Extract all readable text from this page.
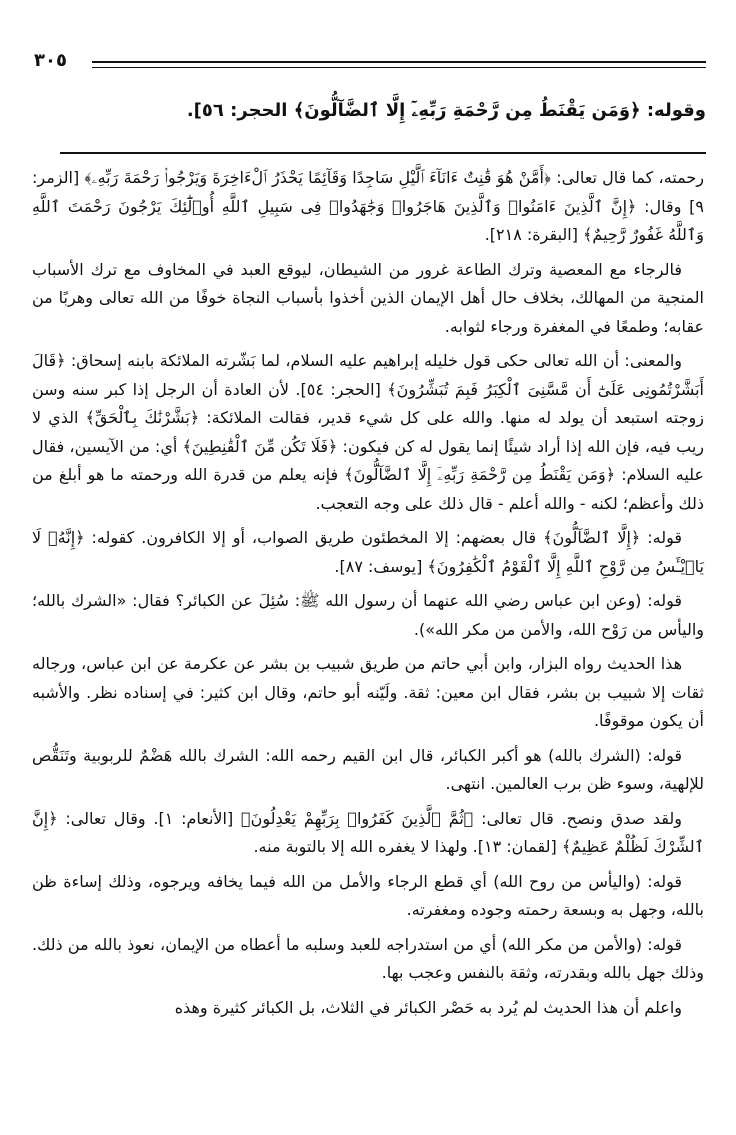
٣٠٥
وقوله: ﴿وَمَن يَقْنَطُ مِن رَّحْمَةِ رَبِّهِۦٓ إِلَّا ٱلضَّآلُّونَ﴾ الحجر: ٥٦].

رحمته، كما قال تعالى: ﴿أَمَّنْ هُوَ قَٰنِتٌ ءَانَآءَ ٱلَّيْلِ سَاجِدًا وَقَآئِمًا يَحْذَرُ ٱلْءَاخِرَةَ وَيَرْجُوا۟ رَحْمَةَ رَبِّهِۦ﴾ [الزمر: ٩] وقال: ﴿إِنَّ ٱلَّذِينَ ءَامَنُوا۟ وَٱلَّذِينَ هَاجَرُوا۟ وَجَٰهَدُوا۟ فِى سَبِيلِ ٱللَّهِ أُو۟لَٰٓئِكَ يَرْجُونَ رَحْمَتَ ٱللَّهِ وَٱللَّهُ غَفُورٌ رَّحِيمٌ﴾ [البقرة: ٢١٨].

فالرجاء مع المعصية وترك الطاعة غرور من الشيطان، ليوقع العبد في المخاوف مع ترك الأسباب المنجية من المهالك، بخلاف حال أهل الإيمان الذين أخذوا بأسباب النجاة خوفًا من الله تعالى وهربًا من عقابه؛ وطمعًا في المغفرة ورجاء لثوابه.

والمعنى: أن الله تعالى حكى قول خليله إبراهيم عليه السلام، لما بَشّرته الملائكة بابنه إسحاق: ﴿قَالَ أَبَشَّرْتُمُونِى عَلَىٰٓ أَن مَّسَّنِىَ ٱلْكِبَرُ فَبِمَ تُبَشِّرُونَ﴾ [الحجر: ٥٤]. لأن العادة أن الرجل إذا كبر سنه وسن زوجته استبعد أن يولد له منها. والله على كل شيء قدير، فقالت الملائكة: ﴿بَشَّرْنَٰكَ بِٱلْحَقِّ﴾ الذي لا ريب فيه، فإن الله إذا أراد شيئًا إنما يقول له كن فيكون: ﴿فَلَا تَكُن مِّنَ ٱلْقَٰنِطِينَ﴾ أي: من الآيسين، فقال عليه السلام: ﴿وَمَن يَقْنَطُ مِن رَّحْمَةِ رَبِّهِۦٓ إِلَّا ٱلضَّآلُّونَ﴾ فإنه يعلم من قدرة الله ورحمته ما هو أبلغ من ذلك وأعظم؛ لكنه - والله أعلم - قال ذلك على وجه التعجب.

قوله: ﴿إِلَّا ٱلضَّآلُّونَ﴾ قال بعضهم: إلا المخطئون طريق الصواب، أو إلا الكافرون. كقوله: ﴿إِنَّهُۥ لَا يَا۟يْـَٔسُ مِن رَّوْحِ ٱللَّهِ إِلَّا ٱلْقَوْمُ ٱلْكَٰفِرُونَ﴾ [يوسف: ٨٧].

قوله: (وعن ابن عباس رضي الله عنهما أن رسول الله ﷺ: سُئِلَ عن الكبائر؟ فقال: «الشرك بالله؛ واليأس من رَوْح الله، والأمن من مكر الله»).

هذا الحديث رواه البزار، وابن أبي حاتم من طريق شبيب بن بشر عن عكرمة عن ابن عباس، ورجاله ثقات إلا شبيب بن بشر، فقال ابن معين: ثقة. ولَيّنه أبو حاتم، وقال ابن كثير: في إسناده نظر. والأشبه أن يكون موقوفًا.

قوله: (الشرك بالله) هو أكبر الكبائر، قال ابن القيم رحمه الله: الشرك بالله هَضْمٌ للربوبية وتَنَقُّص للإلهية، وسوء ظن برب العالمين. انتهى.

ولقد صدق ونصح. قال تعالى: ﴿ثُمَّ ٱلَّذِينَ كَفَرُوا۟ بِرَبِّهِمْ يَعْدِلُونَ﴾ [الأنعام: ١]. وقال تعالى: ﴿إِنَّ ٱلشِّرْكَ لَظُلْمٌ عَظِيمٌ﴾ [لقمان: ١٣]. ولهذا لا يغفره الله إلا بالتوبة منه.

قوله: (واليأس من روح الله) أي قطع الرجاء والأمل من الله فيما يخافه ويرجوه، وذلك إساءة ظن بالله، وجهل به وبسعة رحمته وجوده ومغفرته.

قوله: (والأمن من مكر الله) أي من استدراجه للعبد وسلبه ما أعطاه من الإيمان، نعوذ بالله من ذلك. وذلك جهل بالله وبقدرته، وثقة بالنفس وعجب بها.

واعلم أن هذا الحديث لم يُرد به حَصْر الكبائر في الثلاث، بل الكبائر كثيرة وهذه
